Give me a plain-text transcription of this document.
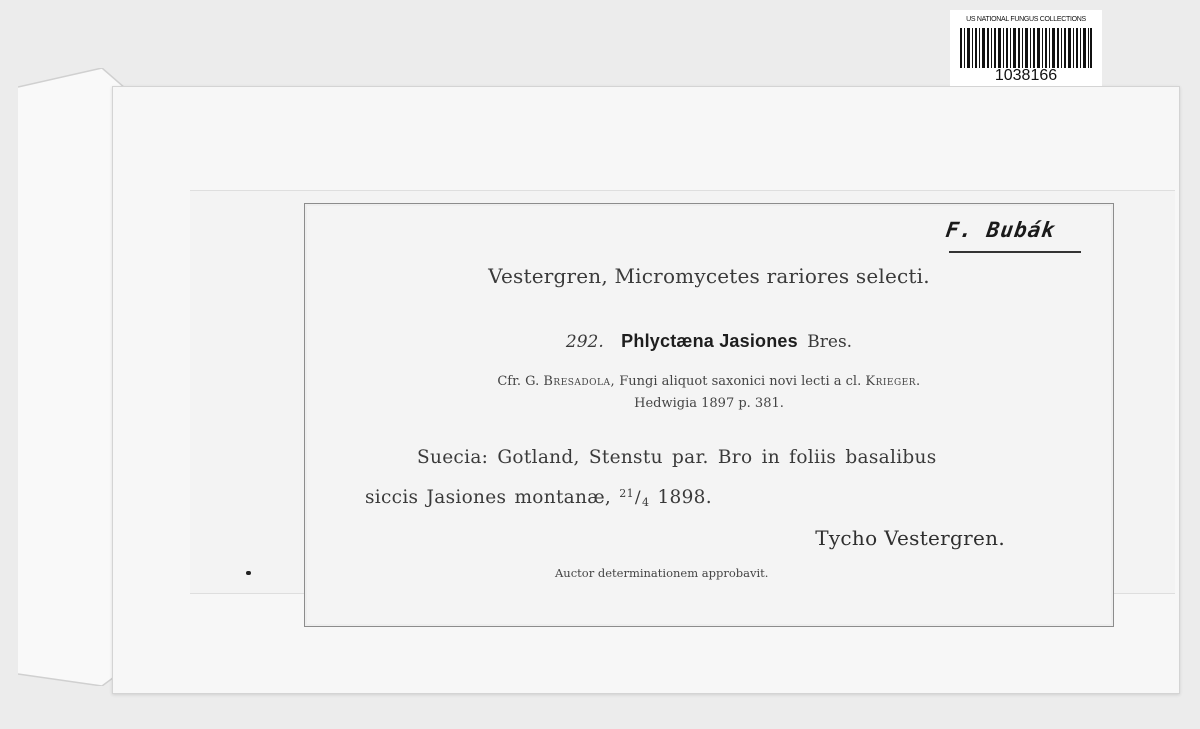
US NATIONAL FUNGUS COLLECTIONS
1038166
F. Bubák
Vestergren, Micromycetes rariores selecti.
292. Phlyctæna Jasiones Bres.
Cfr. G. Bresadola, Fungi aliquot saxonici novi lecti a cl. Krieger.
Hedwigia 1897 p. 381.
Suecia: Gotland, Stenstu par. Bro in foliis basalibus
siccis Jasiones montanæ, $^{21}$/4 1898.
Tycho Vestergren.
Auctor determinationem approbavit.
